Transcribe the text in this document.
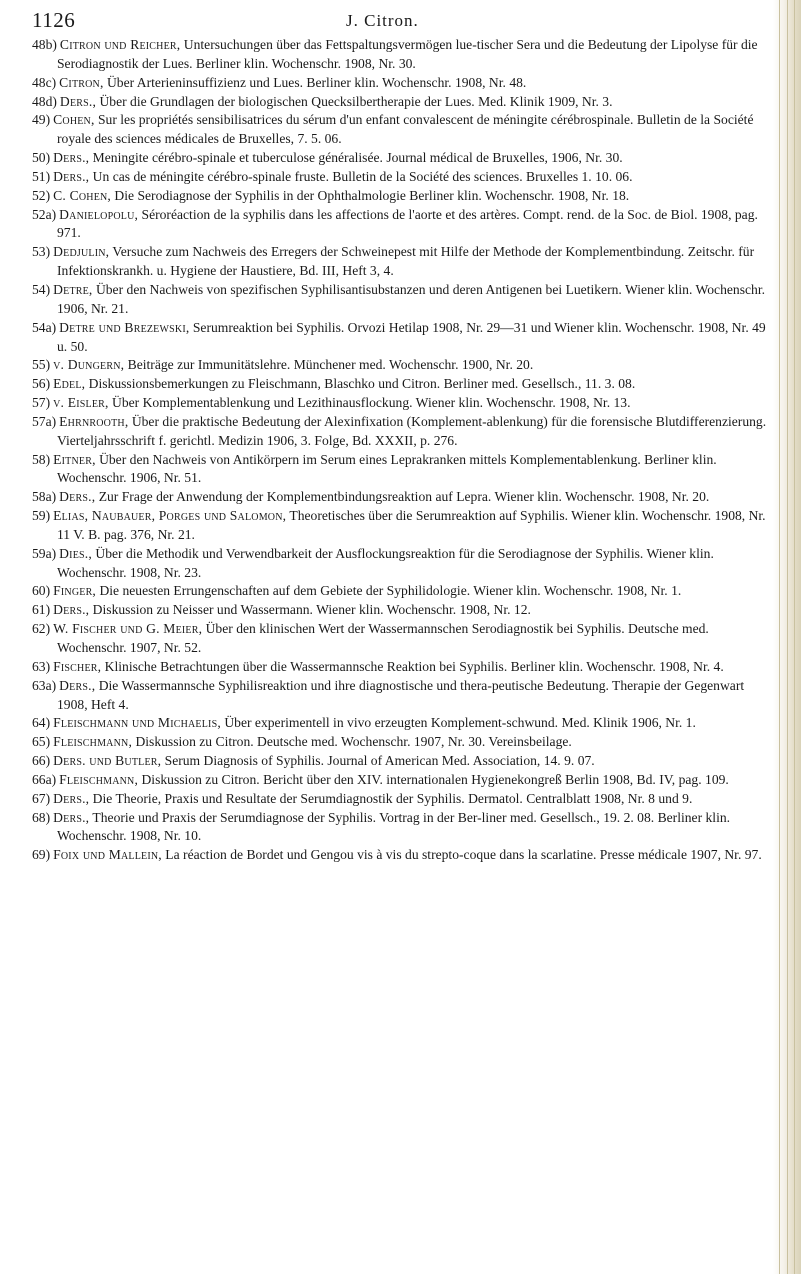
1126	J. Citron.
48b) Citron und Reicher, Untersuchungen über das Fettspaltungsvermögen lue-tischer Sera und die Bedeutung der Lipolyse für die Serodiagnostik der Lues. Berliner klin. Wochenschr. 1908, Nr. 30.
48c) Citron, Über Arterieninsuffizienz und Lues. Berliner klin. Wochenschr. 1908, Nr. 48.
48d) Ders., Über die Grundlagen der biologischen Quecksilbertherapie der Lues. Med. Klinik 1909, Nr. 3.
49) Cohen, Sur les propriétés sensibilisatrices du sérum d'un enfant convalescent de méningite cérébrospinale. Bulletin de la Société royale des sciences médicales de Bruxelles, 7. 5. 06.
50) Ders., Meningite cérébro-spinale et tuberculose généralisée. Journal médical de Bruxelles, 1906, Nr. 30.
51) Ders., Un cas de méningite cérébro-spinale fruste. Bulletin de la Société des sciences. Bruxelles 1. 10. 06.
52) C. Cohen, Die Serodiagnose der Syphilis in der Ophthalmologie Berliner klin. Wochenschr. 1908, Nr. 18.
52a) Danielopolu, Séroréaction de la syphilis dans les affections de l'aorte et des artères. Compt. rend. de la Soc. de Biol. 1908, pag. 971.
53) Dedjulin, Versuche zum Nachweis des Erregers der Schweinepest mit Hilfe der Methode der Komplementbindung. Zeitschr. für Infektionskrankh. u. Hygiene der Haustiere, Bd. III, Heft 3, 4.
54) Detre, Über den Nachweis von spezifischen Syphilisantisubstanzen und deren Antigenen bei Luetikern. Wiener klin. Wochenschr. 1906, Nr. 21.
54a) Detre und Brezewski, Serumreaktion bei Syphilis. Orvozi Hetilap 1908, Nr. 29—31 und Wiener klin. Wochenschr. 1908, Nr. 49 u. 50.
55) v. Dungern, Beiträge zur Immunitätslehre. Münchener med. Wochenschr. 1900, Nr. 20.
56) Edel, Diskussionsbemerkungen zu Fleischmann, Blaschko und Citron. Berliner med. Gesellsch., 11. 3. 08.
57) v. Eisler, Über Komplementablenkung und Lezithinausflockung. Wiener klin. Wochenschr. 1908, Nr. 13.
57a) Ehrnrooth, Über die praktische Bedeutung der Alexinfixation (Komplement-ablenkung) für die forensische Blutdifferenzierung. Vierteljahrsschrift f. gerichtl. Medizin 1906, 3. Folge, Bd. XXXII, p. 276.
58) Eitner, Über den Nachweis von Antikörpern im Serum eines Leprakranken mittels Komplementablenkung. Berliner klin. Wochenschr. 1906, Nr. 51.
58a) Ders., Zur Frage der Anwendung der Komplementbindungsreaktion auf Lepra. Wiener klin. Wochenschr. 1908, Nr. 20.
59) Elias, Naubauer, Porges und Salomon, Theoretisches über die Serumreaktion auf Syphilis. Wiener klin. Wochenschr. 1908, Nr. 11 V. B. pag. 376, Nr. 21.
59a) Dies., Über die Methodik und Verwendbarkeit der Ausflockungsreaktion für die Serodiagnose der Syphilis. Wiener klin. Wochenschr. 1908, Nr. 23.
60) Finger, Die neuesten Errungenschaften auf dem Gebiete der Syphilidologie. Wiener klin. Wochenschr. 1908, Nr. 1.
61) Ders., Diskussion zu Neisser und Wassermann. Wiener klin. Wochenschr. 1908, Nr. 12.
62) W. Fischer und G. Meier, Über den klinischen Wert der Wassermannschen Serodiagnostik bei Syphilis. Deutsche med. Wochenschr. 1907, Nr. 52.
63) Fischer, Klinische Betrachtungen über die Wassermannsche Reaktion bei Syphilis. Berliner klin. Wochenschr. 1908, Nr. 4.
63a) Ders., Die Wassermannsche Syphilisreaktion und ihre diagnostische und thera-peutische Bedeutung. Therapie der Gegenwart 1908, Heft 4.
64) Fleischmann und Michaelis, Über experimentell in vivo erzeugten Komplement-schwund. Med. Klinik 1906, Nr. 1.
65) Fleischmann, Diskussion zu Citron. Deutsche med. Wochenschr. 1907, Nr. 30. Vereinsbeilage.
66) Ders. und Butler, Serum Diagnosis of Syphilis. Journal of American Med. Association, 14. 9. 07.
66a) Fleischmann, Diskussion zu Citron. Bericht über den XIV. internationalen Hygienekongreß Berlin 1908, Bd. IV, pag. 109.
67) Ders., Die Theorie, Praxis und Resultate der Serumdiagnostik der Syphilis. Dermatol. Centralblatt 1908, Nr. 8 und 9.
68) Ders., Theorie und Praxis der Serumdiagnose der Syphilis. Vortrag in der Ber-liner med. Gesellsch., 19. 2. 08. Berliner klin. Wochenschr. 1908, Nr. 10.
69) Foix und Mallein, La réaction de Bordet und Gengou vis à vis du strepto-coque dans la scarlatine. Presse médicale 1907, Nr. 97.
